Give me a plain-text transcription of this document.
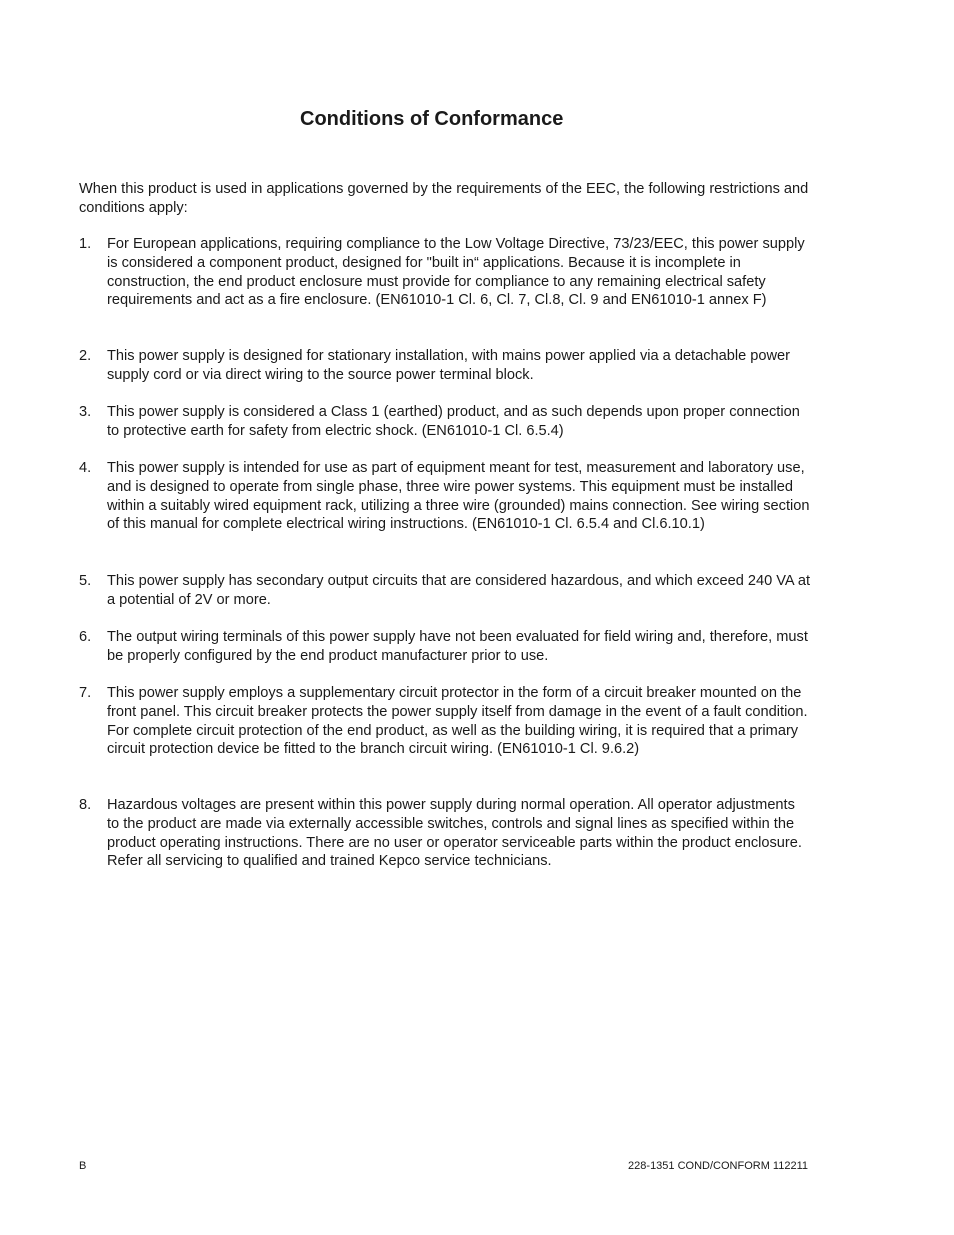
Conditions of Conformance

When this product is used in applications governed by the requirements of the EEC, the following restrictions and conditions apply:

1. For European applications, requiring compliance to the Low Voltage Directive, 73/23/EEC, this power supply is considered a component product, designed for "built in“ applications. Because it is incomplete in construction, the end product enclosure must provide for compliance to any remaining electrical safety requirements and act as a fire enclosure. (EN61010-1 Cl. 6, Cl. 7, Cl.8, Cl. 9 and EN61010-1 annex F)
2. This power supply is designed for stationary installation, with mains power applied via a detachable power supply cord or via direct wiring to the source power terminal block.
3. This power supply is considered a Class 1 (earthed) product, and as such depends upon proper connection to protective earth for safety from electric shock. (EN61010-1 Cl. 6.5.4)
4. This power supply is intended for use as part of equipment meant for test, measurement and laboratory use, and is designed to operate from single phase, three wire power systems. This equipment must be installed within a suitably wired equipment rack, utilizing a three wire (grounded) mains connection. See wiring section of this manual for complete electrical wiring instructions. (EN61010-1 Cl. 6.5.4 and Cl.6.10.1)
5. This power supply has secondary output circuits that are considered hazardous, and which exceed 240 VA at a potential of 2V or more.
6. The output wiring terminals of this power supply have not been evaluated for field wiring and, therefore, must be properly configured by the end product manufacturer prior to use.
7. This power supply employs a supplementary circuit protector in the form of a circuit breaker mounted on the front panel. This circuit breaker protects the power supply itself from damage in the event of a fault condition. For complete circuit protection of the end product, as well as the building wiring, it is required that a primary circuit protection device be fitted to the branch circuit wiring. (EN61010-1 Cl. 9.6.2)
8. Hazardous voltages are present within this power supply during normal operation. All operator adjustments to the product are made via externally accessible switches, controls and signal lines as specified within the product operating instructions. There are no user or operator serviceable parts within the product enclosure. Refer all servicing to qualified and trained Kepco service technicians.
B	228-1351 COND/CONFORM 112211
